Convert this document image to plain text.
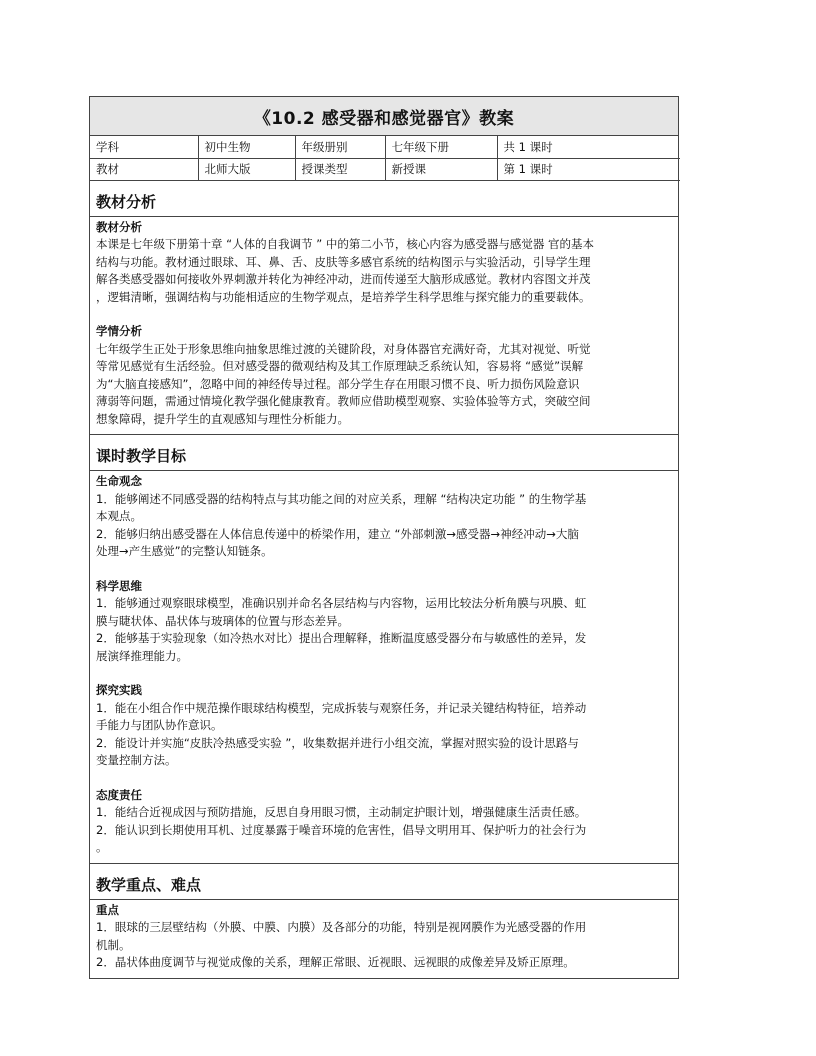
《10.2 感受器和感觉器官》教案
学科	初中生物	年级册别	七年级下册	共 1 课时
教材	北师大版	授课类型	新授课	第 1 课时
教材分析

教材分析

本课是七年级下册第十章 “人体的自我调节 ” 中的第二小节，核心内容为感受器与感觉器 官的基本

结构与功能。教材通过眼球、耳、鼻、舌、皮肤等多感官系统的结构图示与实验活动，引导学生理

解各类感受器如何接收外界刺激并转化为神经冲动，进而传递至大脑形成感觉。教材内容图文并茂

，逻辑清晰，强调结构与功能相适应的生物学观点，是培养学生科学思维与探究能力的重要载体。

学情分析

七年级学生正处于形象思维向抽象思维过渡的关键阶段，对身体器官充满好奇，尤其对视觉、听觉

等常见感觉有生活经验。但对感受器的微观结构及其工作原理缺乏系统认知，容易将 “感觉”误解

为“大脑直接感知”，忽略中间的神经传导过程。部分学生存在用眼习惯不良、听力损伤风险意识

薄弱等问题，需通过情境化教学强化健康教育。教师应借助模型观察、实验体验等方式，突破空间

想象障碍，提升学生的直观感知与理性分析能力。

课时教学目标

生命观念

1．能够阐述不同感受器的结构特点与其功能之间的对应关系，理解 “结构决定功能 ” 的生物学基

本观点。

2．能够归纳出感受器在人体信息传递中的桥梁作用，建立 “外部刺激→感受器→神经冲动→大脑

处理→产生感觉”的完整认知链条。

科学思维

1．能够通过观察眼球模型，准确识别并命名各层结构与内容物，运用比较法分析角膜与巩膜、虹

膜与睫状体、晶状体与玻璃体的位置与形态差异。

2．能够基于实验现象（如冷热水对比）提出合理解释，推断温度感受器分布与敏感性的差异，发

展演绎推理能力。

探究实践

1．能在小组合作中规范操作眼球结构模型，完成拆装与观察任务，并记录关键结构特征，培养动

手能力与团队协作意识。

2．能设计并实施“皮肤冷热感受实验 ”，收集数据并进行小组交流，掌握对照实验的设计思路与

变量控制方法。

态度责任

1．能结合近视成因与预防措施，反思自身用眼习惯，主动制定护眼计划，增强健康生活责任感。

2．能认识到长期使用耳机、过度暴露于噪音环境的危害性，倡导文明用耳、保护听力的社会行为

。

教学重点、难点

重点

1．眼球的三层壁结构（外膜、中膜、内膜）及各部分的功能，特别是视网膜作为光感受器的作用

机制。

2．晶状体曲度调节与视觉成像的关系，理解正常眼、近视眼、远视眼的成像差异及矫正原理。
